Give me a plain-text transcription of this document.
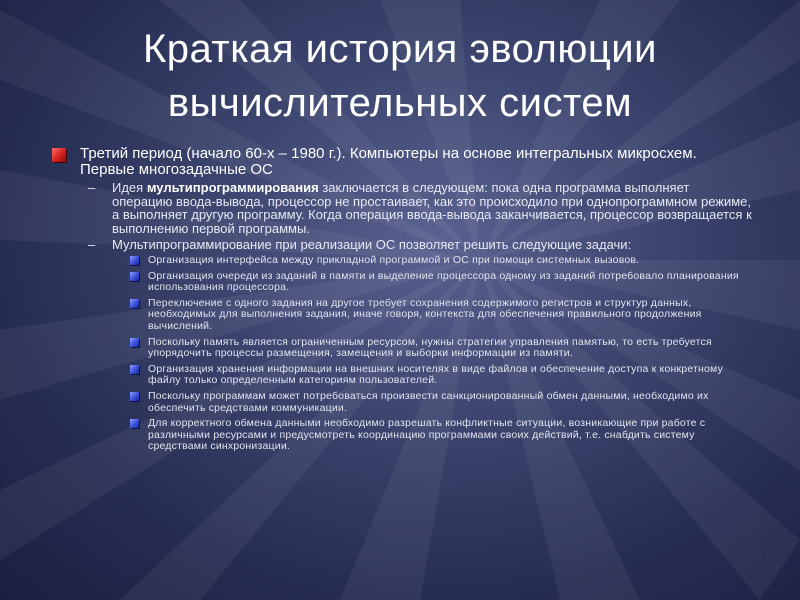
Краткая история эволюции
вычислительных систем
Третий период (начало 60-х – 1980 г.). Компьютеры на основе интегральных микросхем. Первые многозадачные ОС
– Идея мультипрограммирования заключается в следующем: пока одна программа выполняет операцию ввода-вывода, процессор не простаивает, как это происходило при однопрограммном режиме, а выполняет другую программу. Когда операция ввода-вывода заканчивается, процессор возвращается к выполнению первой программы.
– Мультипрограммирование при реализации ОС позволяет решить следующие задачи:
Организация интерфейса между прикладной программой и ОС при помощи системных вызовов.
Организация очереди из заданий в памяти и выделение процессора одному из заданий потребовало планирования использования процессора.
Переключение с одного задания на другое требует сохранения содержимого регистров и структур данных, необходимых для выполнения задания, иначе говоря, контекста для обеспечения правильного продолжения вычислений.
Поскольку память является ограниченным ресурсом, нужны стратегии управления памятью, то есть требуется упорядочить процессы размещения, замещения и выборки информации из памяти.
Организация хранения информации на внешних носителях в виде файлов и обеспечение доступа к конкретному файлу только определенным категориям пользователей.
Поскольку программам может потребоваться произвести санкционированный обмен данными, необходимо их обеспечить средствами коммуникации.
Для корректного обмена данными необходимо разрешать конфликтные ситуации, возникающие при работе с различными ресурсами и предусмотреть координацию программами своих действий, т.е. снабдить систему средствами синхронизации.
